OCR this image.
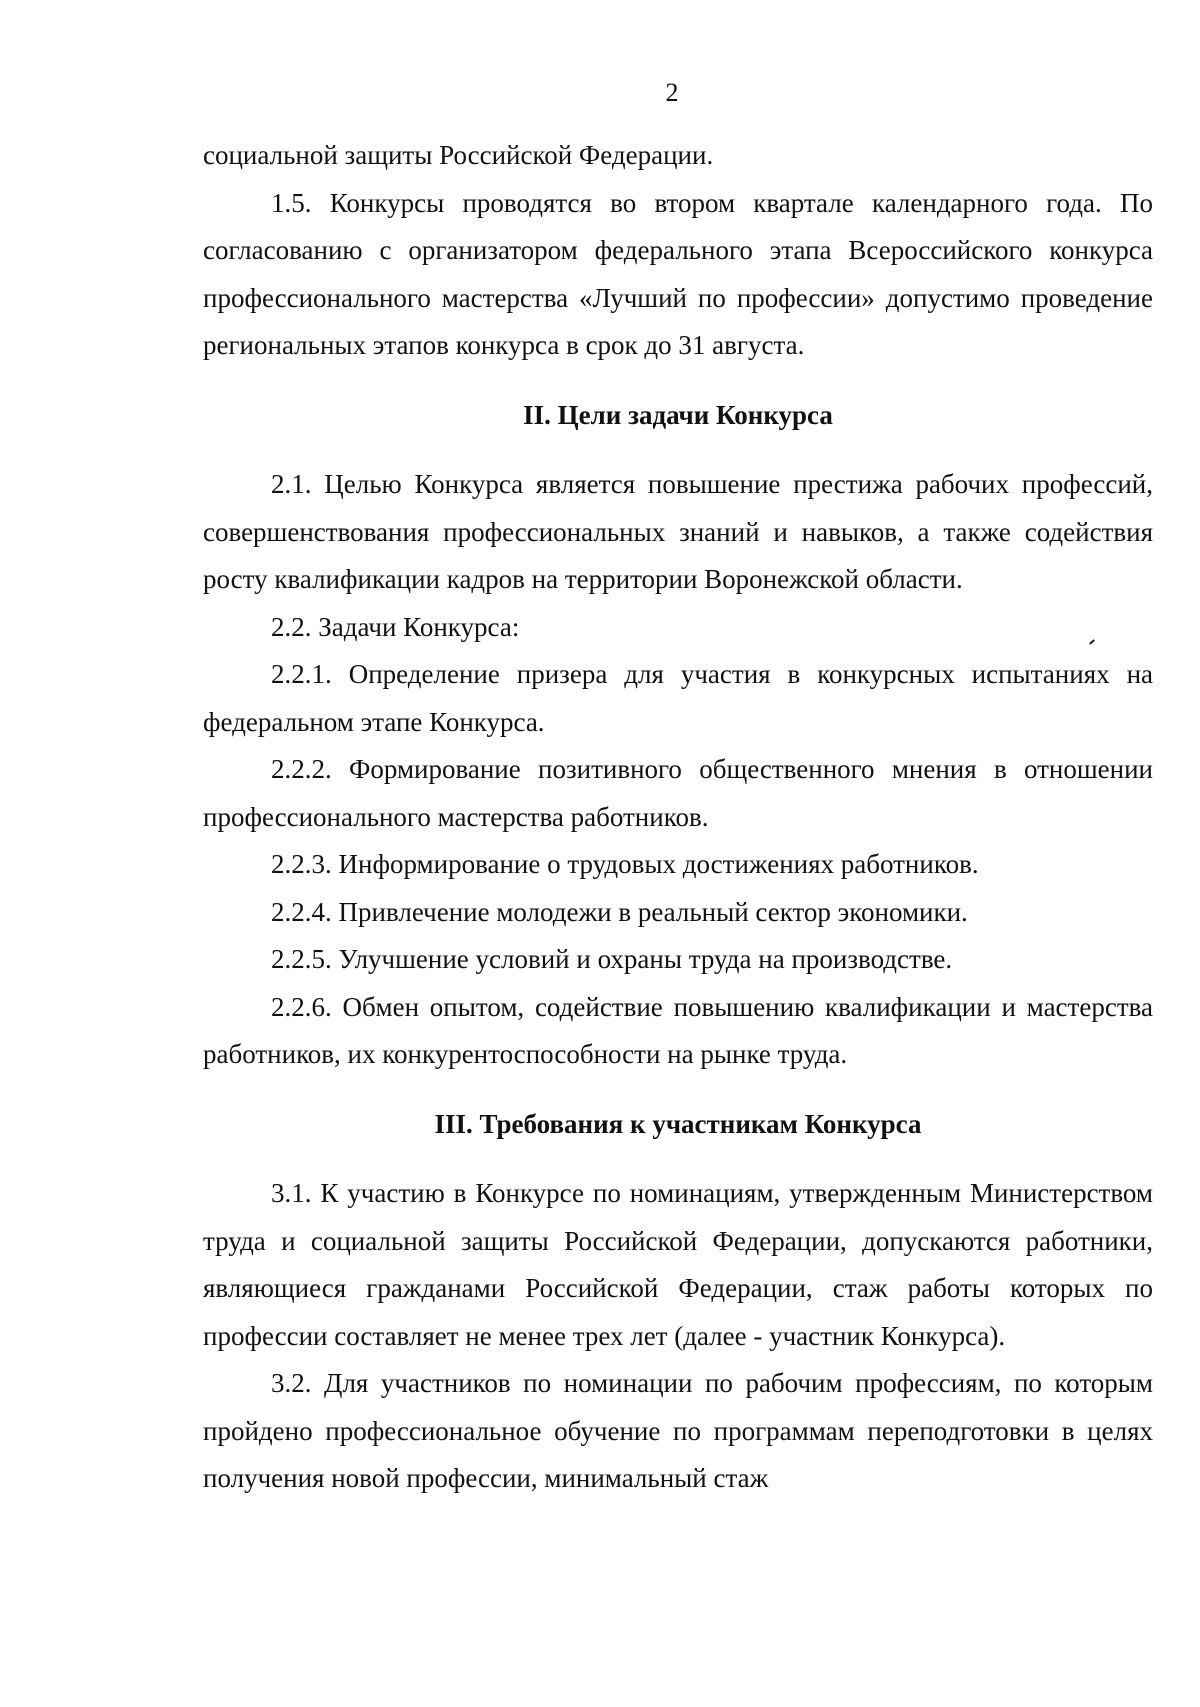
2

социальной защиты Российской Федерации.

1.5. Конкурсы проводятся во втором квартале календарного года. По согласованию с организатором федерального этапа Всероссийского конкурса профессионального мастерства «Лучший по профессии» допустимо проведение региональных этапов конкурса в срок до 31 августа.

II. Цели задачи Конкурса

2.1. Целью Конкурса является повышение престижа рабочих профессий, совершенствования профессиональных знаний и навыков, а также содействия росту квалификации кадров на территории Воронежской области.

2.2. Задачи Конкурса:

2.2.1. Определение призера для участия в конкурсных испытаниях на федеральном этапе Конкурса.

2.2.2. Формирование позитивного общественного мнения в отношении профессионального мастерства работников.

2.2.3. Информирование о трудовых достижениях работников.

2.2.4. Привлечение молодежи в реальный сектор экономики.

2.2.5. Улучшение условий и охраны труда на производстве.

2.2.6. Обмен опытом, содействие повышению квалификации и мастерства работников, их конкурентоспособности на рынке труда.

III. Требования к участникам Конкурса

3.1. К участию в Конкурсе по номинациям, утвержденным Министерством труда и социальной защиты Российской Федерации, допускаются работники, являющиеся гражданами Российской Федерации, стаж работы которых по профессии составляет не менее трех лет (далее - участник Конкурса).

3.2. Для участников по номинации по рабочим профессиям, по которым пройдено профессиональное обучение по программам переподготовки в целях получения новой профессии, минимальный стаж
